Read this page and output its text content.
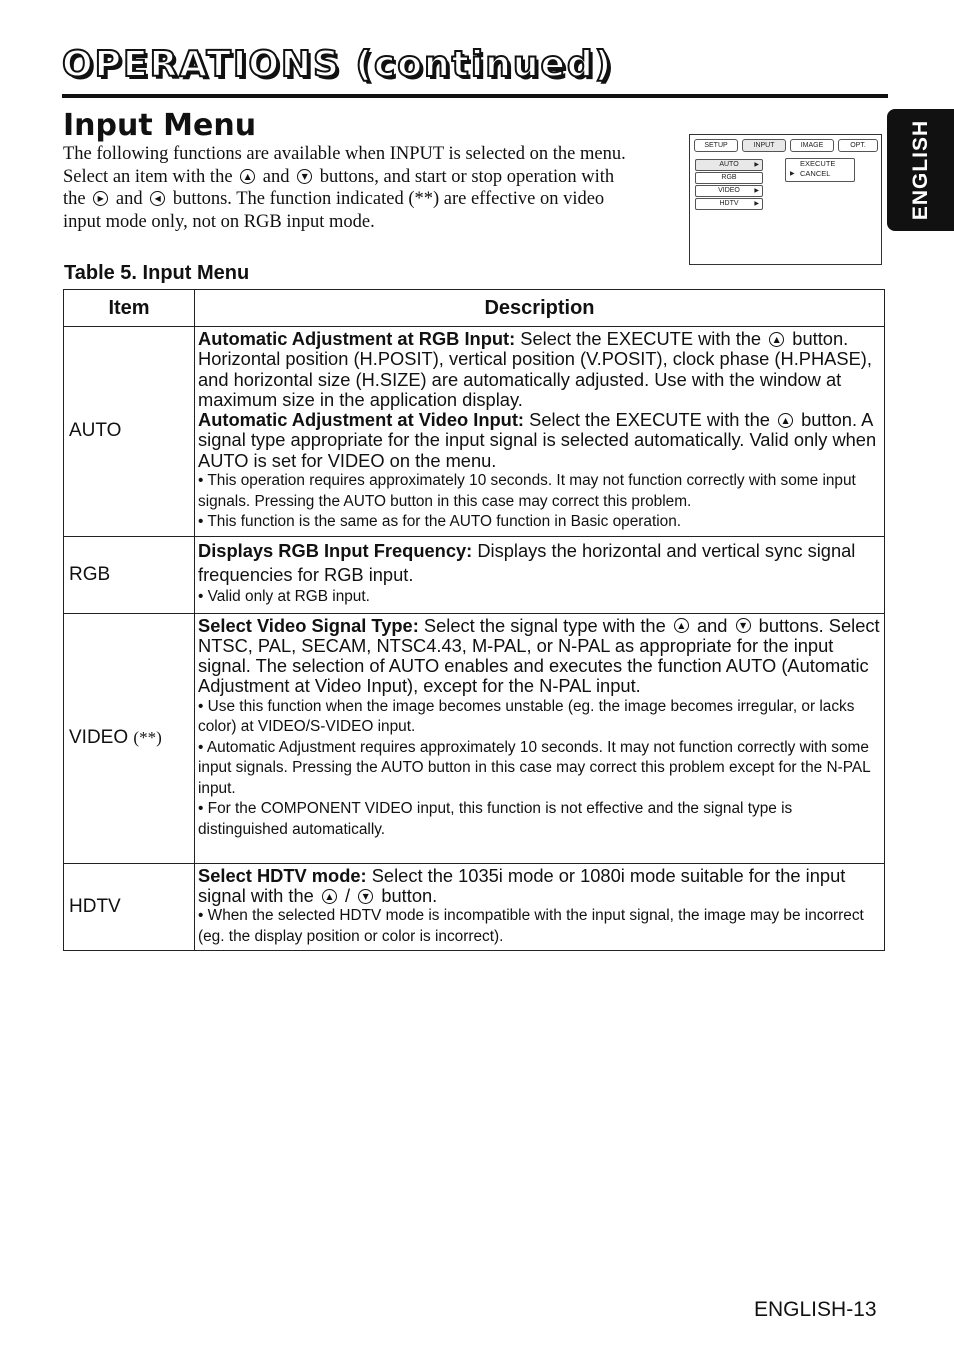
OPERATIONS (continued)
Input Menu
The following functions are available when INPUT is selected on the menu. Select an item with the ▲ and ▼ buttons, and start or stop operation with the ▶ and ◀ buttons. The function indicated (**) are effective on video input mode only, not on RGB input mode.
SETUP	INPUT	IMAGE	OPT.
AUTO	▶
RGB
VIDEO ▶
HDTV	▶
EXECUTE
▶ CANCEL	ENGLISH
Table 5. Input Menu
Item	Description
AUTO	Automatic Adjustment at RGB Input: Select the EXECUTE with the ▲ button. Horizontal position (H.POSIT), vertical position (V.POSIT), clock phase (H.PHASE), and horizontal size (H.SIZE) are automatically adjusted. Use with the window at maximum size in the application display.

Automatic Adjustment at Video Input: Select the EXECUTE with the ▲ button. A signal type appropriate for the input signal is selected automatically. Valid only when AUTO is set for VIDEO on the menu.

• This operation requires approximately 10 seconds. It may not function correctly with some input signals. Pressing the AUTO button in this case may correct this problem.

• This function is the same as for the AUTO function in Basic operation.

RGB	Displays RGB Input Frequency: Displays the horizontal and vertical sync signal frequencies for RGB input.

• Valid only at RGB input.

VIDEO (**)	Select Video Signal Type: Select the signal type with the ▲ and ▼ buttons. Select NTSC, PAL, SECAM, NTSC4.43, M-PAL, or N-PAL as appropriate for the input signal. The selection of AUTO enables and executes the function AUTO (Automatic Adjustment at Video Input), except for the N-PAL input.

• Use this function when the image becomes unstable (eg. the image becomes irregular, or lacks color) at VIDEO/S-VIDEO input.

• Automatic Adjustment requires approximately 10 seconds. It may not function correctly with some input signals. Pressing the AUTO button in this case may correct this problem except for the N-PAL input.

• For the COMPONENT VIDEO input, this function is not effective and the signal type is distinguished automatically.

HDTV	Select HDTV mode: Select the 1035i mode or 1080i mode suitable for the input signal with the ▲ / ▼ button.

• When the selected HDTV mode is incompatible with the input signal, the image may be incorrect (eg. the display position or color is incorrect).

ENGLISH-13
